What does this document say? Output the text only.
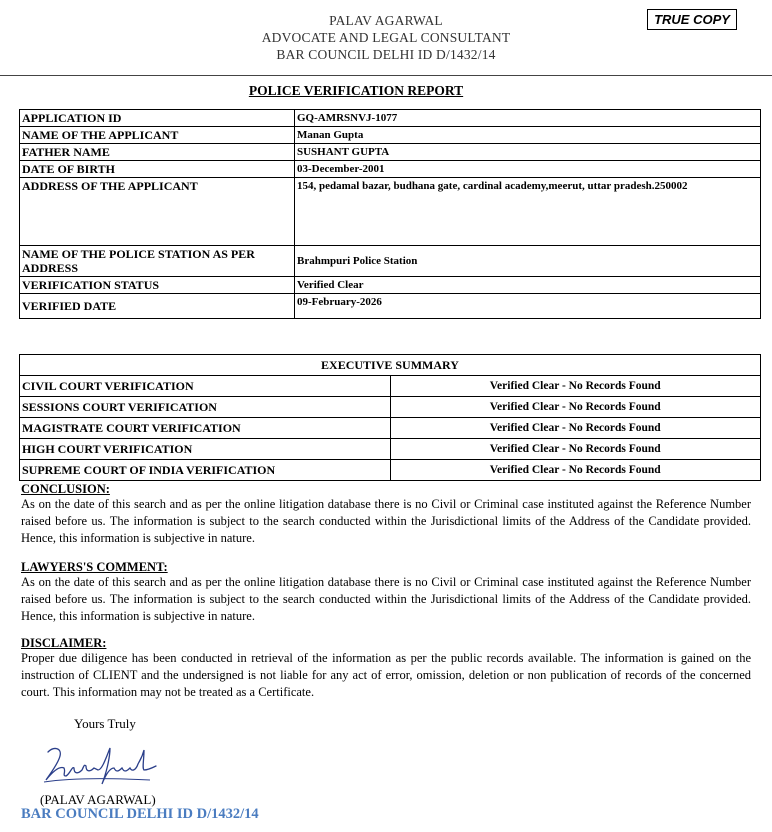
PALAV AGARWAL
ADVOCATE AND LEGAL CONSULTANT
BAR COUNCIL DELHI ID D/1432/14
TRUE COPY
POLICE VERIFICATION REPORT
APPLICATION ID	GQ-AMRSNVJ-1077
NAME OF THE APPLICANT	Manan Gupta
FATHER NAME	SUSHANT GUPTA
DATE OF BIRTH	03-December-2001
ADDRESS OF THE APPLICANT	154, pedamal bazar, budhana gate, cardinal academy,meerut, uttar pradesh.250002
NAME OF THE POLICE STATION AS PER ADDRESS	Brahmpuri Police Station
VERIFICATION STATUS	Verified Clear
VERIFIED DATE	09-February-2026
EXECUTIVE SUMMARY	
CIVIL COURT VERIFICATION	Verified Clear - No Records Found
SESSIONS COURT VERIFICATION	Verified Clear - No Records Found
MAGISTRATE COURT VERIFICATION	Verified Clear - No Records Found
HIGH COURT VERIFICATION	Verified Clear - No Records Found
SUPREME COURT OF INDIA VERIFICATION	Verified Clear - No Records Found
CONCLUSION:

As on the date of this search and as per the online litigation database there is no Civil or Criminal case instituted against the Reference Number raised before us. The information is subject to the search conducted within the Jurisdictional limits of the Address of the Candidate provided. Hence, this information is subjective in nature.

LAWYERS'S COMMENT:

As on the date of this search and as per the online litigation database there is no Civil or Criminal case instituted against the Reference Number raised before us. The information is subject to the search conducted within the Jurisdictional limits of the Address of the Candidate provided. Hence, this information is subjective in nature.

DISCLAIMER:

Proper due diligence has been conducted in retrieval of the information as per the public records available. The information is gained on the instruction of CLIENT and the undersigned is not liable for any act of error, omission, deletion or non publication of records of the concerned court. This information may not be treated as a Certificate.

Yours Truly
(PALAV AGARWAL)
BAR COUNCIL DELHI ID D/1432/14
